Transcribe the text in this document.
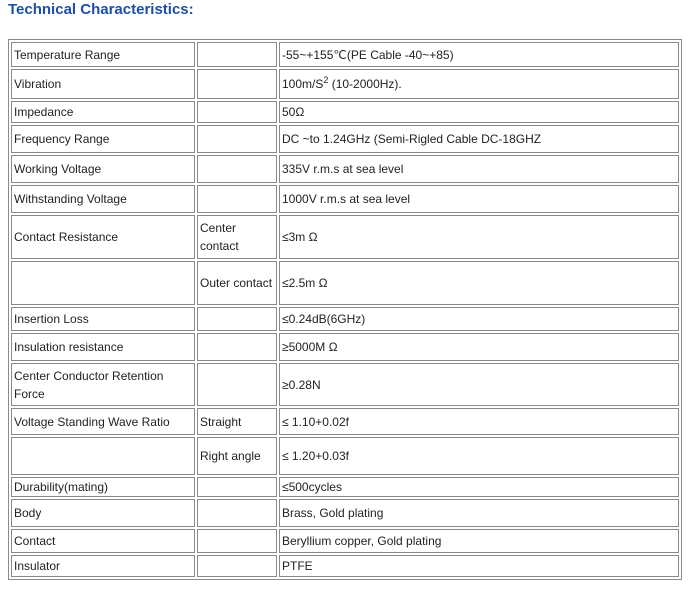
Technical Characteristics:
Temperature Range		-55~+155℃(PE Cable -40~+85)
Vibration		$100m/S^2$ (10-2000Hz).
Impedance		50Ω
Frequency Range		DC ~to 1.24GHz (Semi-Rigled Cable DC-18GHZ
Working Voltage		335V r.m.s at sea level
Withstanding Voltage		1000V r.m.s at sea level
Contact Resistance	Center contact	≤3m Ω
	Outer contact	≤2.5m Ω
Insertion Loss		≤0.24dB(6GHz)
Insulation resistance		≥5000M Ω
Center Conductor Retention Force		≥0.28N
Voltage Standing Wave Ratio	Straight	≤ 1.10+0.02f
	Right angle	≤ 1.20+0.03f
Durability(mating)		≤500cycles
Body		Brass, Gold plating
Contact		Beryllium copper, Gold plating
Insulator		PTFE
